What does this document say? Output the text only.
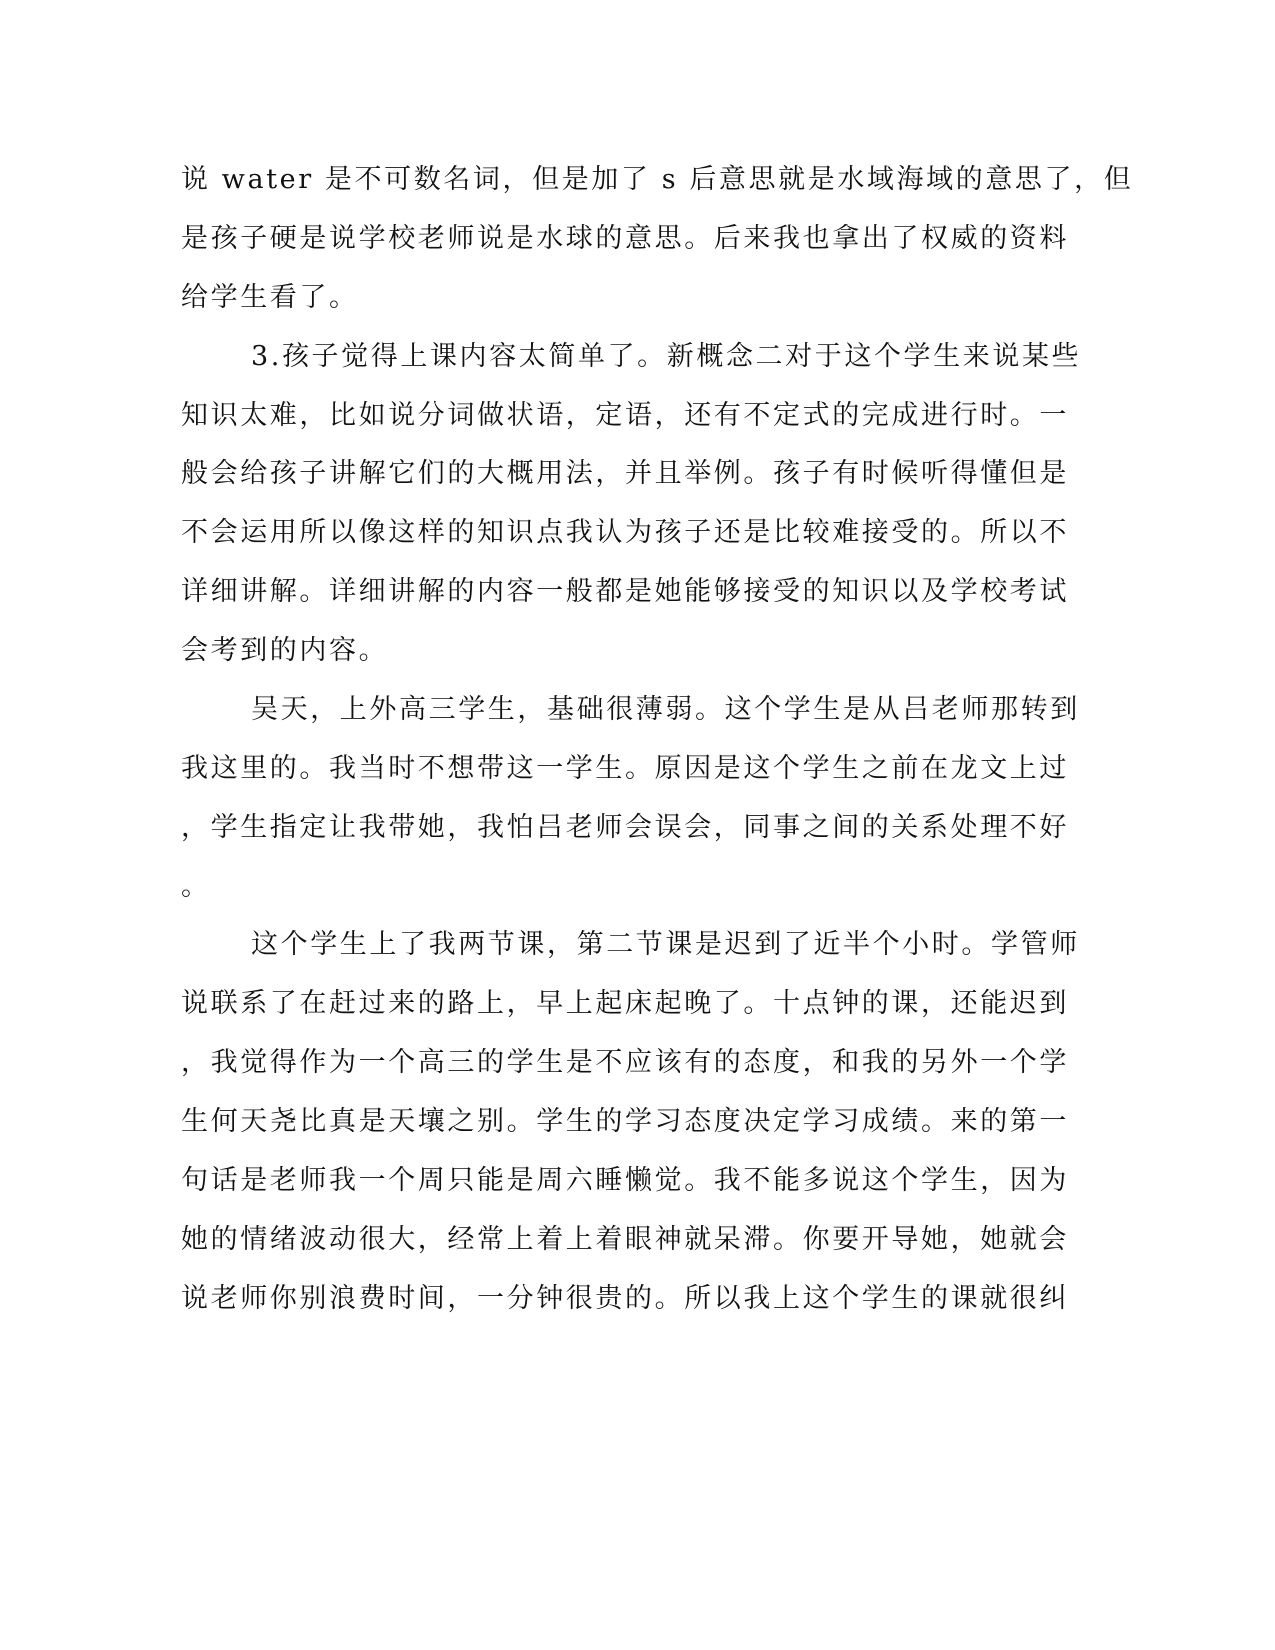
说 water 是不可数名词，但是加了 s 后意思就是水域海域的意思了，但
是孩子硬是说学校老师说是水球的意思。后来我也拿出了权威的资料
给学生看了。
3.孩子觉得上课内容太简单了。新概念二对于这个学生来说某些
知识太难，比如说分词做状语，定语，还有不定式的完成进行时。一
般会给孩子讲解它们的大概用法，并且举例。孩子有时候听得懂但是
不会运用所以像这样的知识点我认为孩子还是比较难接受的。所以不
详细讲解。详细讲解的内容一般都是她能够接受的知识以及学校考试
会考到的内容。
吴天，上外高三学生，基础很薄弱。这个学生是从吕老师那转到
我这里的。我当时不想带这一学生。原因是这个学生之前在龙文上过
，学生指定让我带她，我怕吕老师会误会，同事之间的关系处理不好
。
这个学生上了我两节课，第二节课是迟到了近半个小时。学管师
说联系了在赶过来的路上，早上起床起晚了。十点钟的课，还能迟到
，我觉得作为一个高三的学生是不应该有的态度，和我的另外一个学
生何天尧比真是天壤之别。学生的学习态度决定学习成绩。来的第一
句话是老师我一个周只能是周六睡懒觉。我不能多说这个学生，因为
她的情绪波动很大，经常上着上着眼神就呆滞。你要开导她，她就会
说老师你别浪费时间，一分钟很贵的。所以我上这个学生的课就很纠
